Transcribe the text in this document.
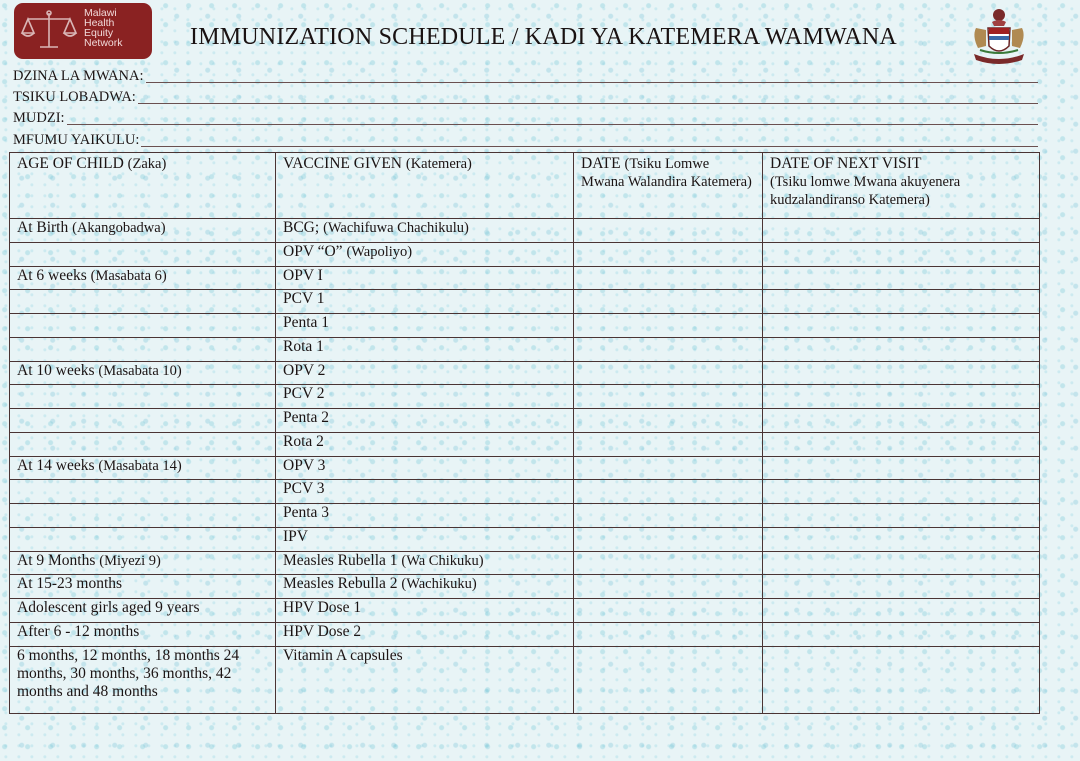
Malawi
Health
Equity
Network	IMMUNIZATION SCHEDULE / KADI YA KATEMERA WAMWANA
DZINA LA MWANA:
TSIKU LOBADWA:
MUDZI:
MFUMU YAIKULU:
AGE OF CHILD (Zaka)	VACCINE GIVEN (Katemera)	DATE (Tsiku Lomwe Mwana Walandira Katemera)	DATE OF NEXT VISIT
(Tsiku lomwe Mwana akuyenera kudzalandiranso Katemera)
At Birth (Akangobadwa)	BCG; (Wachifuwa Chachikulu)		
	OPV “O” (Wapoliyo)		
At 6 weeks (Masabata 6)	OPV I		
	PCV 1		
	Penta 1		
	Rota 1		
At 10 weeks (Masabata 10)	OPV 2		
	PCV 2		
	Penta 2		
	Rota 2		
At 14 weeks (Masabata 14)	OPV 3		
	PCV 3		
	Penta 3		
	IPV		
At 9 Months (Miyezi 9)	Measles Rubella 1 (Wa Chikuku)		
At 15-23 months	Measles Rebulla 2 (Wachikuku)		
Adolescent girls aged 9 years	HPV Dose 1		
After 6 - 12 months	HPV Dose 2		
6 months, 12 months, 18 months 24 months, 30 months, 36 months, 42 months and 48 months	Vitamin A capsules		
